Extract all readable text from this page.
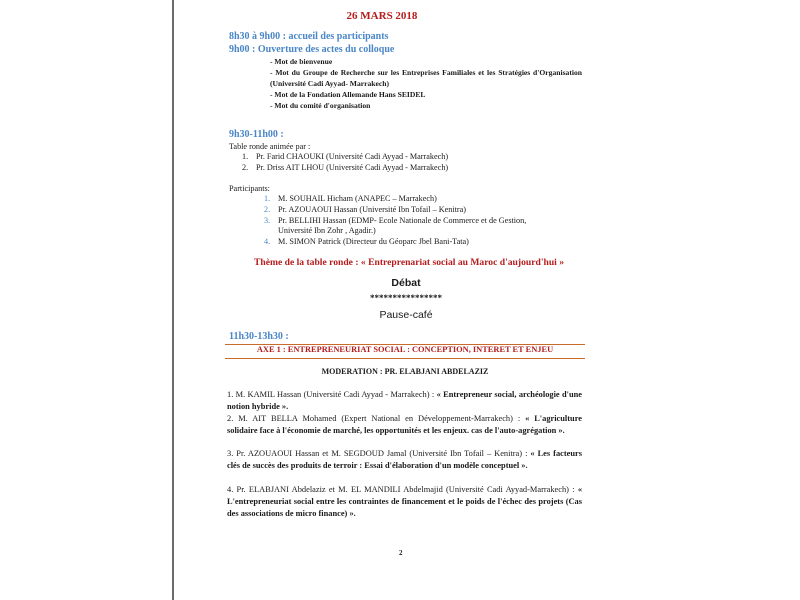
26 MARS 2018
8h30 à 9h00 : accueil des participants
9h00 : Ouverture des actes du colloque
- Mot de bienvenue
- Mot du Groupe de Recherche sur les Entreprises Familiales et les Stratégies d'Organisation (Université Cadi Ayyad- Marrakech)
- Mot de la Fondation Allemande Hans SEIDEL
- Mot du comité d'organisation
9h30-11h00 :
Table ronde animée par :
1. Pr. Farid CHAOUKI (Université Cadi Ayyad - Marrakech)
2. Pr. Driss AIT LHOU (Université Cadi Ayyad - Marrakech)
Participants:
1. M. SOUHAIL Hicham (ANAPEC – Marrakech)
2. Pr. AZOUAOUI Hassan (Université Ibn Tofail – Kenitra)
3. Pr. BELLIHI Hassan (EDMP- Ecole Nationale de Commerce et de Gestion,
Université Ibn Zohr , Agadir.)
4. M. SIMON Patrick (Directeur du Géoparc Jbel Bani-Tata)
Thème de la table ronde : « Entreprenariat social au Maroc d'aujourd'hui »
Débat
****************
Pause-café
11h30-13h30 :
AXE 1 : ENTREPRENEURIAT SOCIAL : CONCEPTION, INTERET ET ENJEU
MODERATION : PR. ELABJANI ABDELAZIZ
1. M. KAMIL Hassan (Université Cadi Ayyad - Marrakech) : « Entrepreneur social, archéologie d'une notion hybride ».
2. M. AIT BELLA Mohamed (Expert National en Développement-Marrakech) : « L'agriculture solidaire face à l'économie de marché, les opportunités et les enjeux. cas de l'auto-agrégation ».
3. Pr. AZOUAOUI Hassan et M. SEGDOUD Jamal (Université Ibn Tofail – Kenitra) : « Les facteurs clés de succès des produits de terroir : Essai d'élaboration d'un modèle conceptuel ».
4. Pr. ELABJANI Abdelaziz et M. EL MANDILI Abdelmajid (Université Cadi Ayyad-Marrakech) : « L'entrepreneuriat social entre les contraintes de financement et le poids de l'échec des projets (Cas des associations de micro finance) ».
2
